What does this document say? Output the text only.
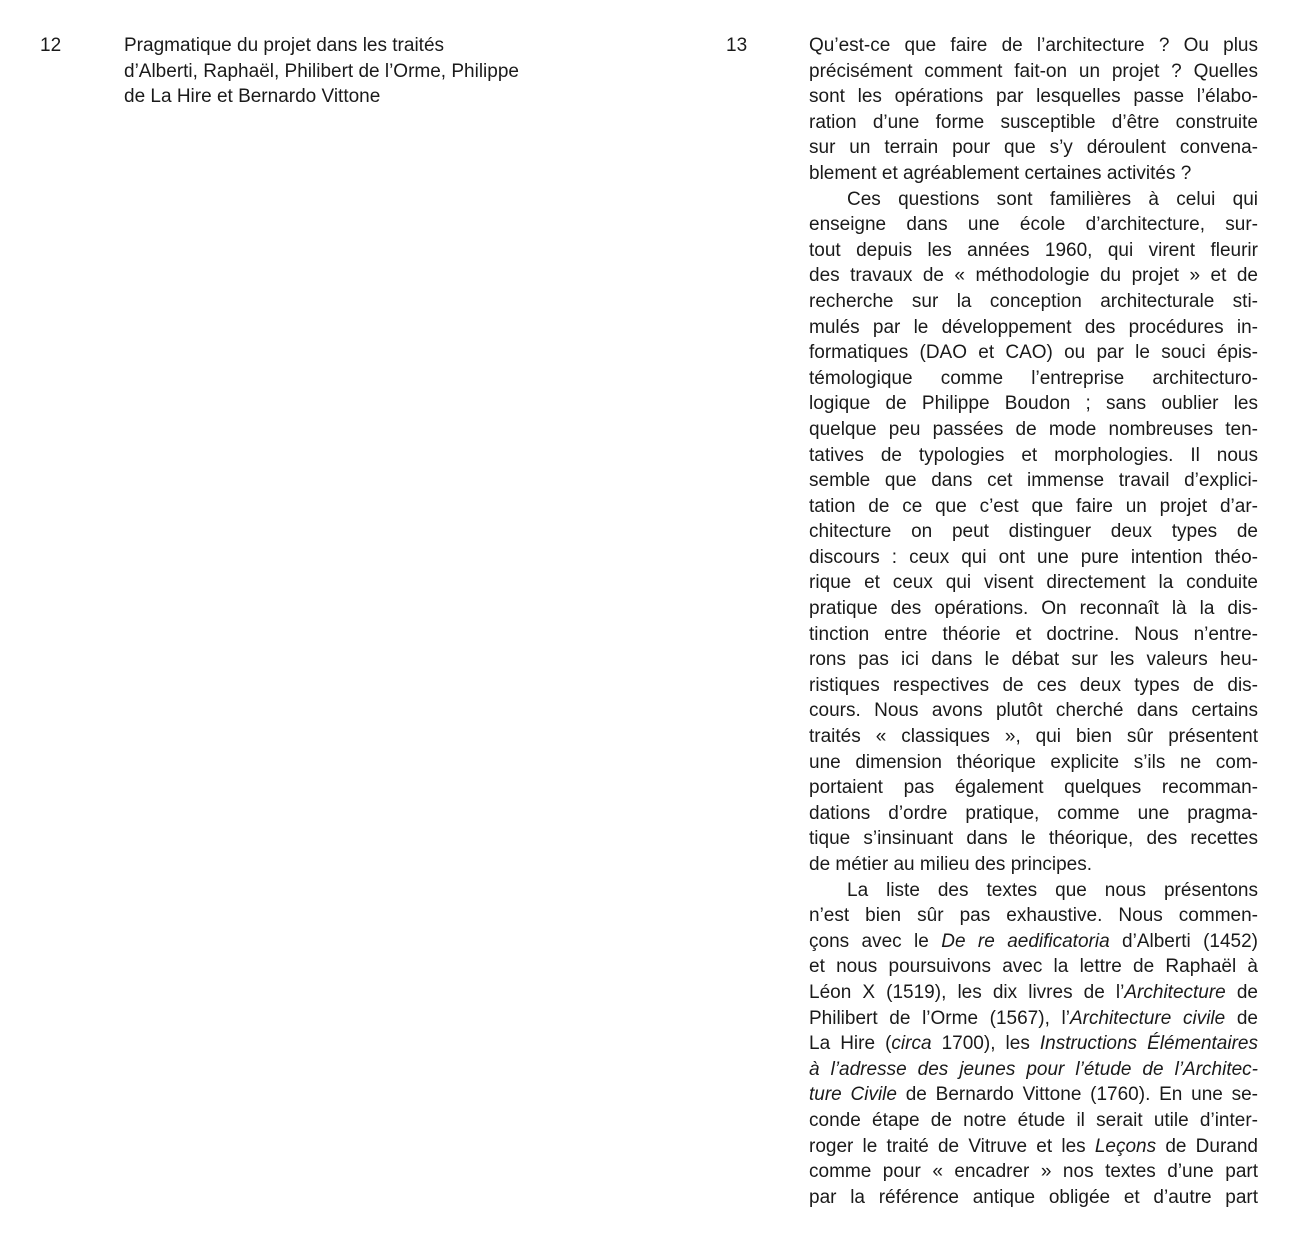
12	Pragmatique du projet dans les traités
d’Alberti, Raphaël, Philibert de l’Orme, Philippe
de La Hire et Bernardo Vittone
13	Qu’est-ce que faire de l’architecture ? Ou plus
précisément comment fait-on un projet ? Quelles
sont les opérations par lesquelles passe l’élabo-
ration d’une forme susceptible d’être construite
sur un terrain pour que s’y déroulent convena-
blement et agréablement certaines activités ?
Ces questions sont familières à celui qui
enseigne dans une école d’architecture, sur-
tout depuis les années 1960, qui virent fleurir
des travaux de « méthodologie du projet » et de
recherche sur la conception architecturale sti-
mulés par le développement des procédures in-
formatiques (DAO et CAO) ou par le souci épis-
témologique comme l’entreprise architecturo-
logique de Philippe Boudon ; sans oublier les
quelque peu passées de mode nombreuses ten-
tatives de typologies et morphologies. Il nous
semble que dans cet immense travail d’explici-
tation de ce que c’est que faire un projet d’ar-
chitecture on peut distinguer deux types de
discours : ceux qui ont une pure intention théo-
rique et ceux qui visent directement la conduite
pratique des opérations. On reconnaît là la dis-
tinction entre théorie et doctrine. Nous n’entre-
rons pas ici dans le débat sur les valeurs heu-
ristiques respectives de ces deux types de dis-
cours. Nous avons plutôt cherché dans certains
traités « classiques », qui bien sûr présentent
une dimension théorique explicite s’ils ne com-
portaient pas également quelques recomman-
dations d’ordre pratique, comme une pragma-
tique s’insinuant dans le théorique, des recettes
de métier au milieu des principes.
La liste des textes que nous présentons
n’est bien sûr pas exhaustive. Nous commen-
çons avec le De re aedificatoria d’Alberti (1452)
et nous poursuivons avec la lettre de Raphaël à
Léon X (1519), les dix livres de l’Architecture de
Philibert de l’Orme (1567), l’Architecture civile de
La Hire (circa 1700), les Instructions Élémentaires
à l’adresse des jeunes pour l’étude de l’Architec-
ture Civile de Bernardo Vittone (1760). En une se-
conde étape de notre étude il serait utile d’inter-
roger le traité de Vitruve et les Leçons de Durand
comme pour « encadrer » nos textes d’une part
par la référence antique obligée et d’autre part
